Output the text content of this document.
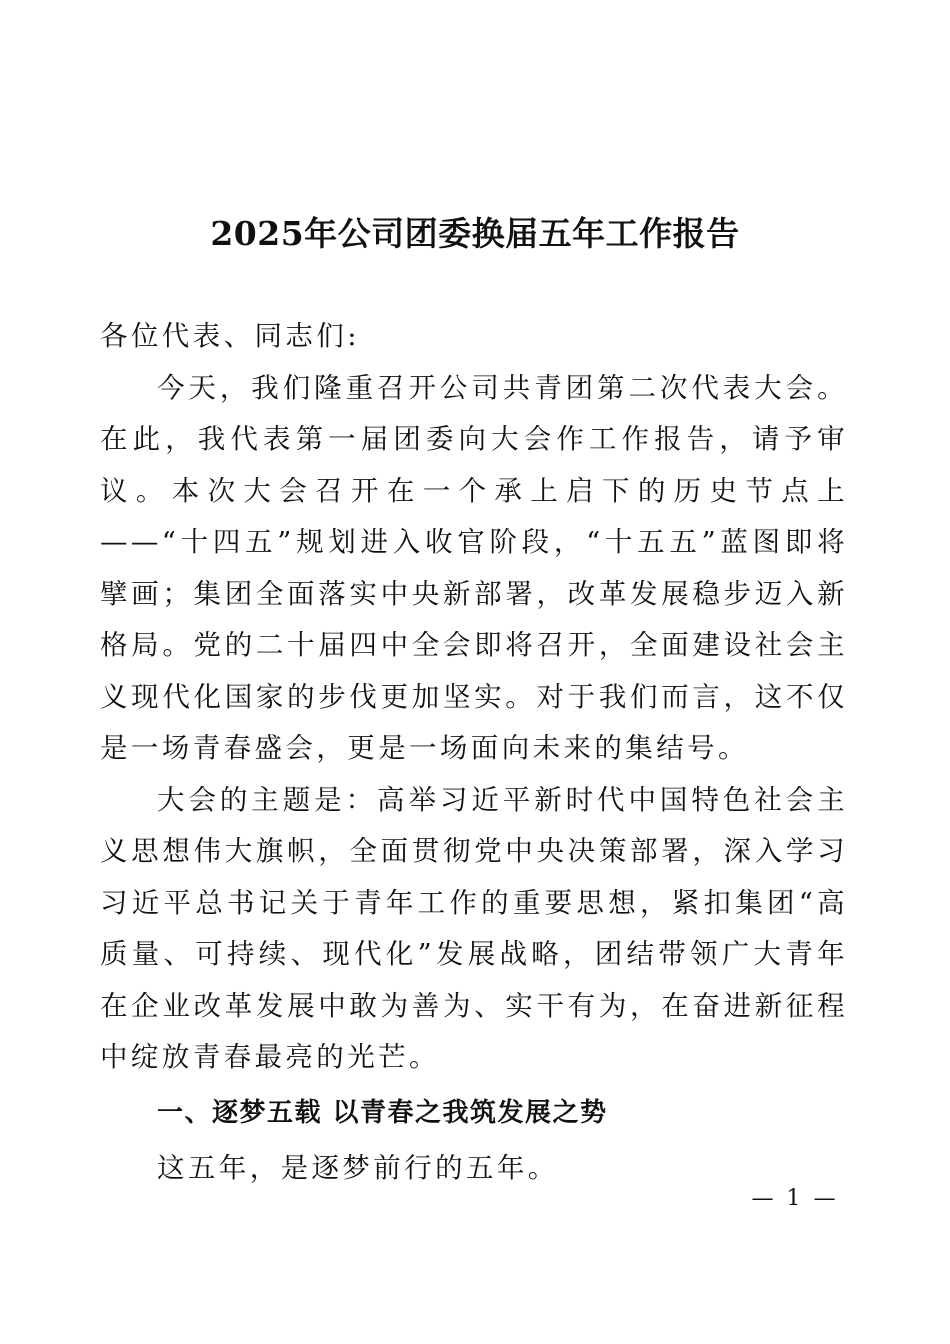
2025年公司团委换届五年工作报告

各位代表、同志们:

今天，我们隆重召开公司共青团第二次代表大会。在此，我代表第一届团委向大会作工作报告，请予审议。本次大会召开在一个承上启下的历史节点上——“十四五”规划进入收官阶段，“十五五”蓝图即将擘画；集团全面落实中央新部署，改革发展稳步迈入新格局。党的二十届四中全会即将召开，全面建设社会主义现代化国家的步伐更加坚实。对于我们而言，这不仅是一场青春盛会，更是一场面向未来的集结号。

大会的主题是：高举习近平新时代中国特色社会主义思想伟大旗帜，全面贯彻党中央决策部署，深入学习习近平总书记关于青年工作的重要思想，紧扣集团“高质量、可持续、现代化”发展战略，团结带领广大青年在企业改革发展中敢为善为、实干有为，在奋进新征程中绽放青春最亮的光芒。

一、逐梦五载 以青春之我筑发展之势

这五年，是逐梦前行的五年。

— 1 —
